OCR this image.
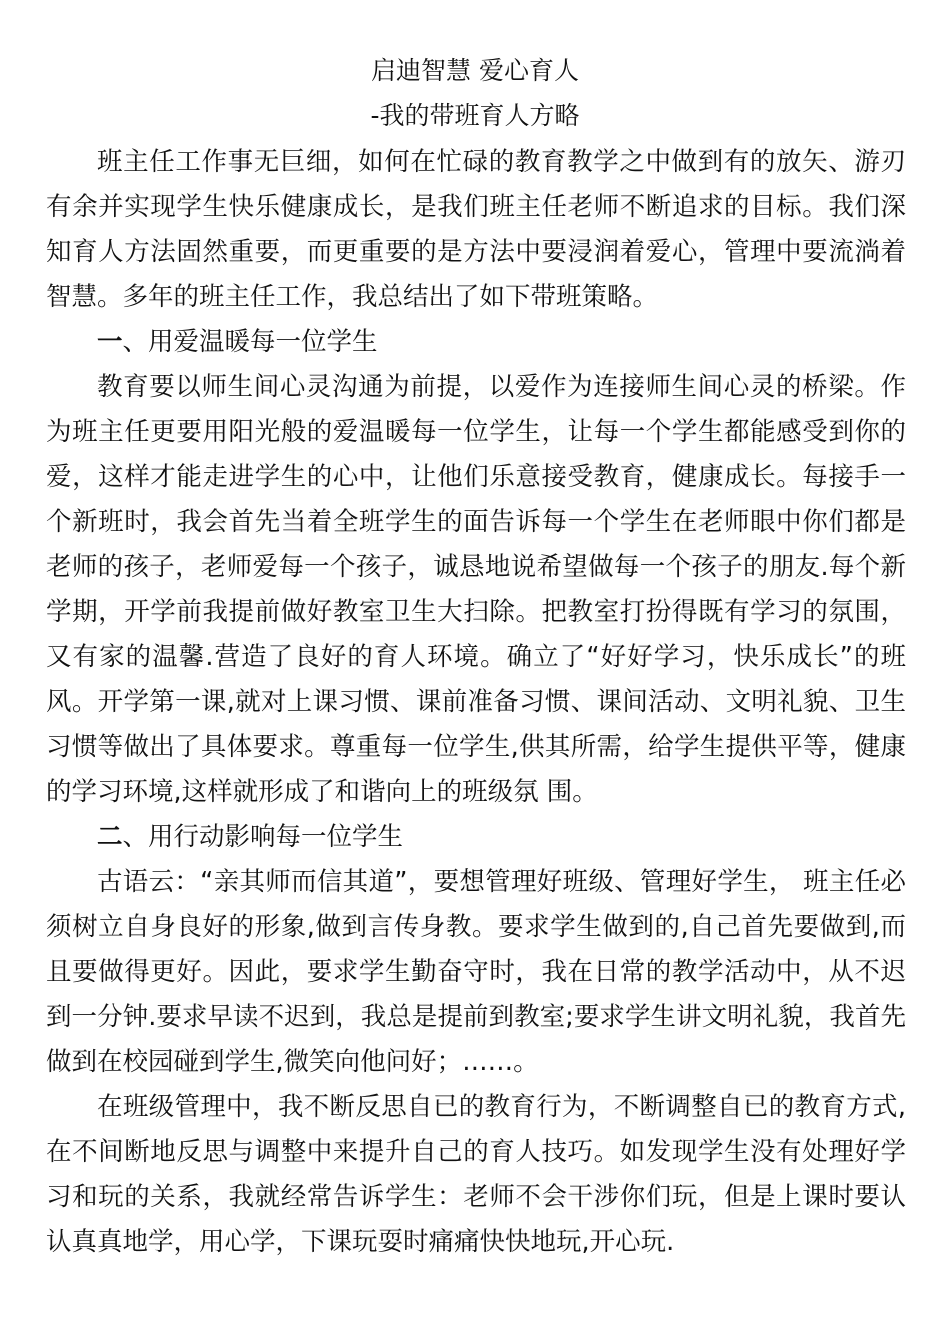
启迪智慧 爱心育人
-我的带班育人方略

班主任工作事无巨细，如何在忙碌的教育教学之中做到有的放矢、游刃有余并实现学生快乐健康成长，是我们班主任老师不断追求的目标。我们深知育人方法固然重要，而更重要的是方法中要浸润着爱心，管理中要流淌着智慧。多年的班主任工作，我总结出了如下带班策略。

一、用爱温暖每一位学生

教育要以师生间心灵沟通为前提，以爱作为连接师生间心灵的桥梁。作为班主任更要用阳光般的爱温暖每一位学生，让每一个学生都能感受到你的爱，这样才能走进学生的心中，让他们乐意接受教育，健康成长。每接手一个新班时，我会首先当着全班学生的面告诉每一个学生在老师眼中你们都是老师的孩子，老师爱每一个孩子，诚恳地说希望做每一个孩子的朋友.每个新学期，开学前我提前做好教室卫生大扫除。把教室打扮得既有学习的氛围，又有家的温馨.营造了良好的育人环境。确立了“好好学习，快乐成长”的班风。开学第一课,就对上课习惯、课前准备习惯、课间活动、文明礼貌、卫生习惯等做出了具体要求。尊重每一位学生,供其所需，给学生提供平等，健康的学习环境,这样就形成了和谐向上的班级氛 围。

二、用行动影响每一位学生

古语云：“亲其师而信其道”，要想管理好班级、管理好学生， 班主任必须树立自身良好的形象,做到言传身教。要求学生做到的,自己首先要做到,而且要做得更好。因此，要求学生勤奋守时，我在日常的教学活动中，从不迟到一分钟.要求早读不迟到，我总是提前到教室;要求学生讲文明礼貌，我首先做到在校园碰到学生,微笑向他问好；……。

在班级管理中，我不断反思自已的教育行为，不断调整自已的教育方式,在不间断地反思与调整中来提升自己的育人技巧。如发现学生没有处理好学习和玩的关系，我就经常告诉学生：老师不会干涉你们玩，但是上课时要认认真真地学，用心学，下课玩耍时痛痛快快地玩,开心玩.
